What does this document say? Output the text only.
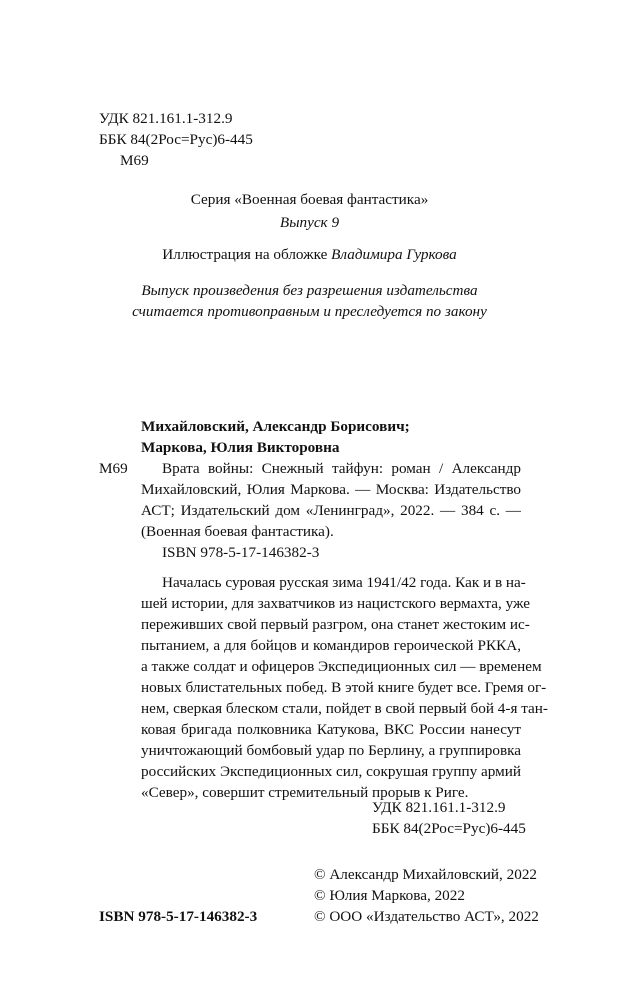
УДК 821.161.1-312.9
ББК 84(2Рос=Рус)6-445
М69
Серия «Военная боевая фантастика»
Выпуск 9
Иллюстрация на обложке Владимира Гуркова
Выпуск произведения без разрешения издательства
считается противоправным и преследуется по закону
Михайловский, Александр Борисович;
Маркова, Юлия Викторовна
М69 Врата войны: Снежный тайфун: роман / Александр
Михайловский, Юлия Маркова. — Москва: Издательство
АСТ; Издательский дом «Ленинград», 2022. — 384 с. —
(Военная боевая фантастика).
ISBN 978-5-17-146382-3
Началась суровая русская зима 1941/42 года. Как и в на-
шей истории, для захватчиков из нацистского вермахта, уже
переживших свой первый разгром, она станет жестоким ис-
пытанием, а для бойцов и командиров героической РККА,
а также солдат и офицеров Экспедиционных сил — временем
новых блистательных побед. В этой книге будет все. Гремя ог-
нем, сверкая блеском стали, пойдет в свой первый бой 4-я тан-
ковая бригада полковника Катукова, ВКС России нанесут
уничтожающий бомбовый удар по Берлину, а группировка
российских Экспедиционных сил, сокрушая группу армий
«Север», совершит стремительный прорыв к Риге.
УДК 821.161.1-312.9
ББК 84(2Рос=Рус)6-445
© Александр Михайловский, 2022
© Юлия Маркова, 2022
© ООО «Издательство АСТ», 2022
ISBN 978-5-17-146382-3
